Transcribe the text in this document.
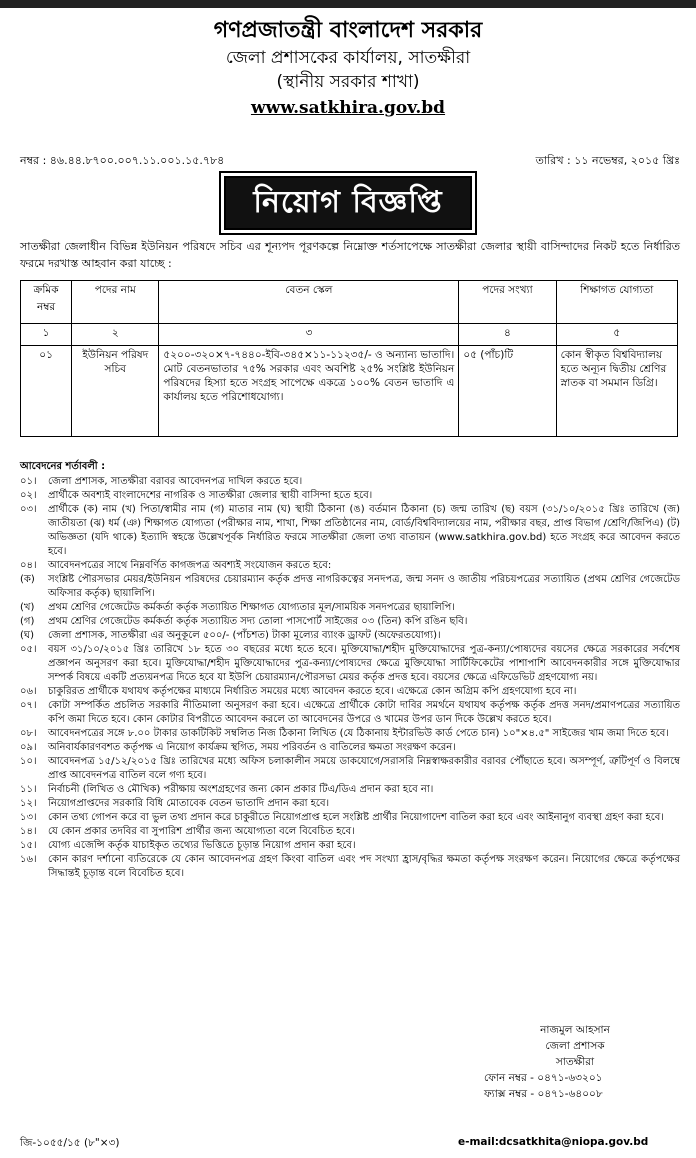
গণপ্রজাতন্ত্রী বাংলাদেশ সরকার
জেলা প্রশাসকের কার্যালয়, সাতক্ষীরা
(স্থানীয় সরকার শাখা)
www.satkhira.gov.bd
নম্বর : ৪৬.৪৪.৮৭০০.০০৭.১১.০০১.১৫.৭৮৪	তারিখ : ১১ নভেম্বর, ২০১৫ খ্রিঃ
নিয়োগ বিজ্ঞপ্তি
সাতক্ষীরা জেলাধীন বিভিন্ন ইউনিয়ন পরিষদে সচিব এর শূন্যপদ পূরণকল্পে নিম্নোক্ত শর্তসাপেক্ষে সাতক্ষীরা জেলার স্থায়ী বাসিন্দাদের নিকট হতে নির্ধারিত ফরমে দরখাস্ত আহবান করা যাচ্ছে :
ক্রমিক নম্বর	পদের নাম	বেতন স্কেল	পদের সংখ্যা	শিক্ষাগত যোগ্যতা
১	২	৩	৪	৫
০১	ইউনিয়ন পরিষদ সচিব	৫২০০-৩২০×৭-৭৪৪০-ইবি-৩৪৫×১১-১১২৩৫/- ও অন্যান্য ভাতাদি। মোট বেতনভাতার ৭৫% সরকার এবং অবশিষ্ট ২৫% সংশ্লিষ্ট ইউনিয়ন পরিষদের হিস্যা হতে সংগ্রহ সাপেক্ষে একত্রে ১০০% বেতন ভাতাদি এ কার্যালয় হতে পরিশোধযোগ্য।	০৫ (পাঁচ)টি	কোন স্বীকৃত বিশ্ববিদ্যালয় হতে অন্যূন দ্বিতীয় শ্রেণির স্নাতক বা সমমান ডিগ্রি।
আবেদনের শর্তাবলী :
০১।	জেলা প্রশাসক, সাতক্ষীরা বরাবর আবেদনপত্র দাখিল করতে হবে।
০২।	প্রার্থীকে অবশ্যই বাংলাদেশের নাগরিক ও সাতক্ষীরা জেলার স্থায়ী বাসিন্দা হতে হবে।
০৩।	প্রার্থীকে (ক) নাম (খ) পিতা/স্বামীর নাম (গ) মাতার নাম (ঘ) স্থায়ী ঠিকানা (ঙ) বর্তমান ঠিকানা (চ) জন্ম তারিখ (ছ) বয়স (৩১/১০/২০১৫ খ্রিঃ তারিখে (জ) জাতীয়তা (ঝ) ধর্ম (ঞ) শিক্ষাগত যোগ্যতা (পরীক্ষার নাম, শাখা, শিক্ষা প্রতিষ্ঠানের নাম, বোর্ড/বিশ্ববিদ্যালয়ের নাম, পরীক্ষার বছর, প্রাপ্ত বিভাগ /শ্রেণি/জিপিএ) (ট) অভিজ্ঞতা (যদি থাকে) ইত্যাদি স্বহস্তে উল্লেখপূর্বক নির্ধারিত ফরমে সাতক্ষীরা জেলা তথ্য বাতায়ন (www.satkhira.gov.bd) হতে সংগ্রহ করে আবেদন করতে হবে।
০৪।	আবেদনপত্রের সাথে নিম্নবর্ণিত কাগজপত্র অবশ্যই সংযোজন করতে হবে:
(ক)	সংশ্লিষ্ট পৌরসভার মেয়র/ইউনিয়ন পরিষদের চেয়ারম্যান কর্তৃক প্রদত্ত নাগরিকত্বের সনদপত্র, জন্ম সনদ ও জাতীয় পরিচয়পত্রের সত্যায়িত (প্রথম শ্রেণির গেজেটেড অফিসার কর্তৃক) ছায়ালিপি।
(খ)	প্রথম শ্রেণির গেজেটেড কর্মকর্তা কর্তৃক সত্যায়িত শিক্ষাগত যোগ্যতার মূল/সাময়িক সনদপত্রের ছায়ালিপি।
(গ)	প্রথম শ্রেণির গেজেটেড কর্মকর্তা কর্তৃক সত্যায়িত সদ্য তোলা পাসপোর্ট সাইজের ০৩ (তিন) কপি রঙিন ছবি।
(ঘ)	জেলা প্রশাসক, সাতক্ষীরা এর অনুকূলে ৫০০/- (পাঁচশত) টাকা মূল্যের ব্যাংক ড্রাফট (অফেরতযোগ্য)।
০৫।	বয়স ৩১/১০/২০১৫ খ্রিঃ তারিখে ১৮ হতে ৩০ বছরের মধ্যে হতে হবে। মুক্তিযোদ্ধা/শহীদ মুক্তিযোদ্ধাদের পুত্র-কন্যা/পোষ্যদের বয়সের ক্ষেত্রে সরকারের সর্বশেষ প্রজ্ঞাপন অনুসরণ করা হবে। মুক্তিযোদ্ধা/শহীদ মুক্তিযোদ্ধাদের পুত্র-কন্যা/পোষ্যদের ক্ষেত্রে মুক্তিযোদ্ধা সার্টিফিকেটের পাশাপাশি আবেদনকারীর সঙ্গে মুক্তিযোদ্ধার সম্পর্ক বিষয়ে একটি প্রত্যয়নপত্র দিতে হবে যা ইউপি চেয়ারম্যান/পৌরসভা মেয়র কর্তৃক প্রদত্ত হবে। বয়সের ক্ষেত্রে এফিডেভিট গ্রহণযোগ্য নয়।
০৬।	চাকুরিরত প্রার্থীকে যথাযথ কর্তৃপক্ষের মাধ্যমে নির্ধারিত সময়ের মধ্যে আবেদন করতে হবে। এক্ষেত্রে কোন অগ্রিম কপি গ্রহণযোগ্য হবে না।
০৭।	কোটা সম্পর্কিত প্রচলিত সরকারি নীতিমালা অনুসরণ করা হবে। এক্ষেত্রে প্রার্থীকে কোটা দাবির সমর্থনে যথাযথ কর্তৃপক্ষ কর্তৃক প্রদত্ত সনদ/প্রমাণপত্রের সত্যায়িত কপি জমা দিতে হবে। কোন কোটার বিপরীতে আবেদন করলে তা আবেদনের উপরে ও খামের উপর ডান দিকে উল্লেখ করতে হবে।
০৮।	আবেদনপত্রের সঙ্গে ৮.০০ টাকার ডাকটিকিট সম্বলিত নিজ ঠিকানা লিখিত (যে ঠিকানায় ইন্টারভিউ কার্ড পেতে চান) ১০"×৪.৫" সাইজের খাম জমা দিতে হবে।
০৯।	অনিবার্যকারণবশত কর্তৃপক্ষ এ নিয়োগ কার্যক্রম স্থগিত, সময় পরিবর্তন ও বাতিলের ক্ষমতা সংরক্ষণ করেন।
১০।	আবেদনপত্র ১৫/১২/২০১৫ খ্রিঃ তারিখের মধ্যে অফিস চলাকালীন সময়ে ডাকযোগে/সরাসরি নিম্নস্বাক্ষরকারীর বরাবর পৌঁছাতে হবে। অসম্পূর্ণ, ত্রুটিপূর্ণ ও বিলম্বে প্রাপ্ত আবেদনপত্র বাতিল বলে গণ্য হবে।
১১।	নির্বাচনী (লিখিত ও মৌখিক) পরীক্ষায় অংশগ্রহণের জন্য কোন প্রকার টিএ/ডিএ প্রদান করা হবে না।
১২।	নিয়োগপ্রাপ্তদের সরকারি বিধি মোতাবেক বেতন ভাতাদি প্রদান করা হবে।
১৩।	কোন তথ্য গোপন করে বা ভুল তথ্য প্রদান করে চাকুরীতে নিয়োগপ্রাপ্ত হলে সংশ্লিষ্ট প্রার্থীর নিয়োগাদেশ বাতিল করা হবে এবং আইনানুগ ব্যবস্থা গ্রহণ করা হবে।
১৪।	যে কোন প্রকার তদবির বা সুপারিশ প্রার্থীর জন্য অযোগ্যতা বলে বিবেচিত হবে।
১৫।	যোগ্য এজেন্সি কর্তৃক যাচাইকৃত তথ্যের ভিত্তিতে চূড়ান্ত নিয়োগ প্রদান করা হবে।
১৬।	কোন কারণ দর্শানো ব্যতিরেকে যে কোন আবেদনপত্র গ্রহণ কিংবা বাতিল এবং পদ সংখ্যা হ্রাস/বৃদ্ধির ক্ষমতা কর্তৃপক্ষ সংরক্ষণ করেন। নিয়োগের ক্ষেত্রে কর্তৃপক্ষের সিদ্ধান্তই চূড়ান্ত বলে বিবেচিত হবে।
নাজমুল আহসান
জেলা প্রশাসক
সাতক্ষীরা
ফোন নম্বর - ০৪৭১-৬৩২০১
ফ্যাক্স নম্বর - ০৪৭১-৬৪০০৮
জি-১০৫৫/১৫ (৮"×৩)	e-mail:dcsatkhita@niopa.gov.bd
